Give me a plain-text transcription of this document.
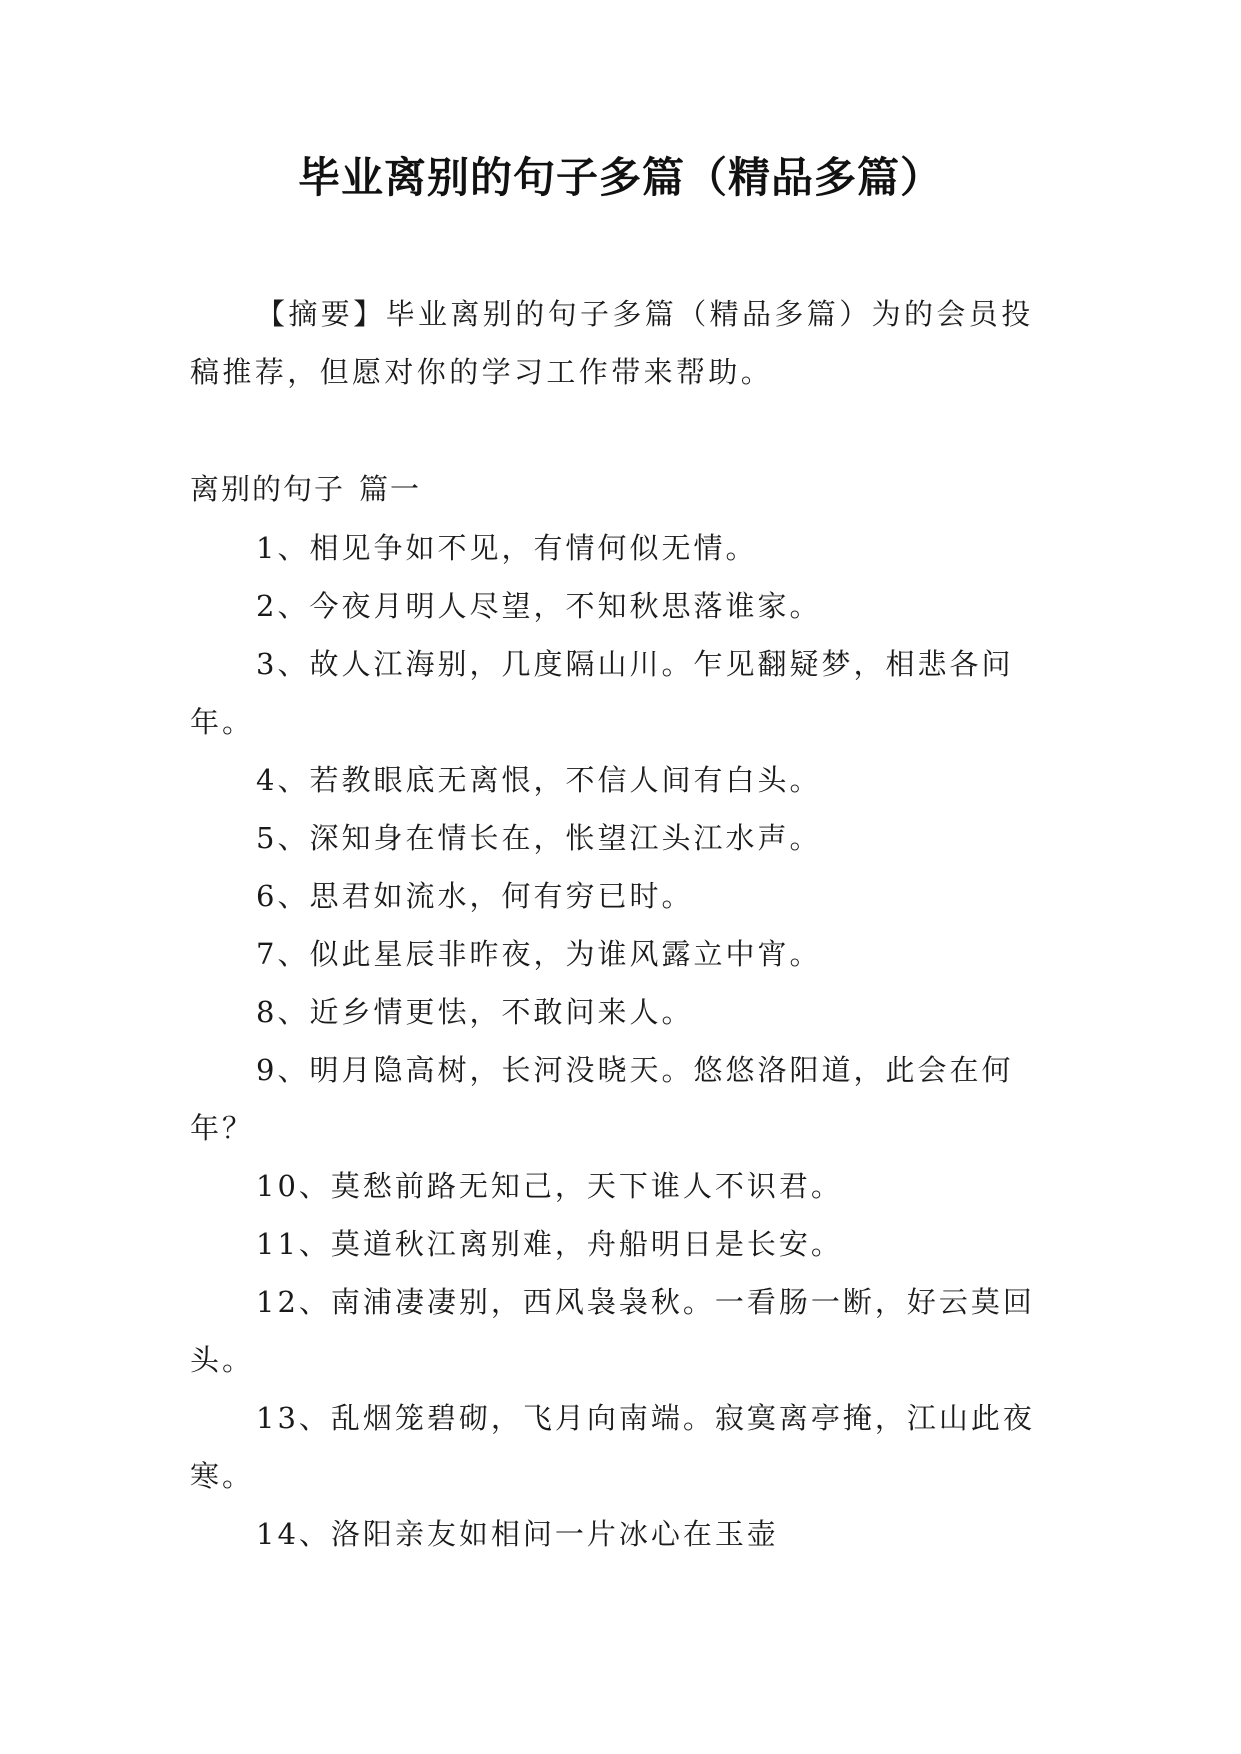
毕业离别的句子多篇（精品多篇）

【摘要】毕业离别的句子多篇（精品多篇）为的会员投稿推荐，但愿对你的学习工作带来帮助。

离别的句子 篇一

1、相见争如不见，有情何似无情。

2、今夜月明人尽望，不知秋思落谁家。

3、故人江海别，几度隔山川。乍见翻疑梦，相悲各问年。

4、若教眼底无离恨，不信人间有白头。

5、深知身在情长在，怅望江头江水声。

6、思君如流水，何有穷已时。

7、似此星辰非昨夜，为谁风露立中宵。

8、近乡情更怯，不敢问来人。

9、明月隐高树，长河没晓天。悠悠洛阳道，此会在何年？

10、莫愁前路无知己，天下谁人不识君。

11、莫道秋江离别难，舟船明日是长安。

12、南浦凄凄别，西风袅袅秋。一看肠一断，好云莫回头。

13、乱烟笼碧砌，飞月向南端。寂寞离亭掩，江山此夜寒。

14、洛阳亲友如相问一片冰心在玉壶
